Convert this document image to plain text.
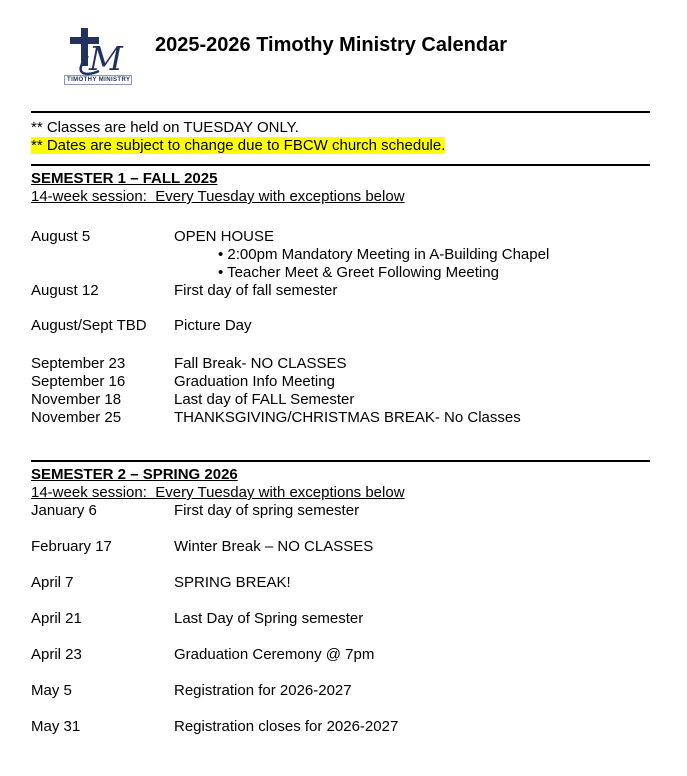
M
TIMOTHY MINISTRY
2025-2026 Timothy Ministry Calendar

** Classes are held on TUESDAY ONLY.

** Dates are subject to change due to FBCW church schedule.

SEMESTER 1 – FALL 2025
14-week session:  Every Tuesday with exceptions below
August 5	OPEN HOUSE
• 2:00pm Mandatory Meeting in A-Building Chapel
• Teacher Meet & Greet Following Meeting
August 12	First day of fall semester
August/Sept TBD	Picture Day
September 23	Fall Break- NO CLASSES
September 16	Graduation Info Meeting
November 18	Last day of FALL Semester
November 25	THANKSGIVING/CHRISTMAS BREAK- No Classes
SEMESTER 2 – SPRING 2026
14-week session:  Every Tuesday with exceptions below
January 6	First day of spring semester
February 17	Winter Break – NO CLASSES
April 7	SPRING BREAK!
April 21	Last Day of Spring semester
April 23	Graduation Ceremony @ 7pm
May 5	Registration for 2026-2027
May 31	Registration closes for 2026-2027
